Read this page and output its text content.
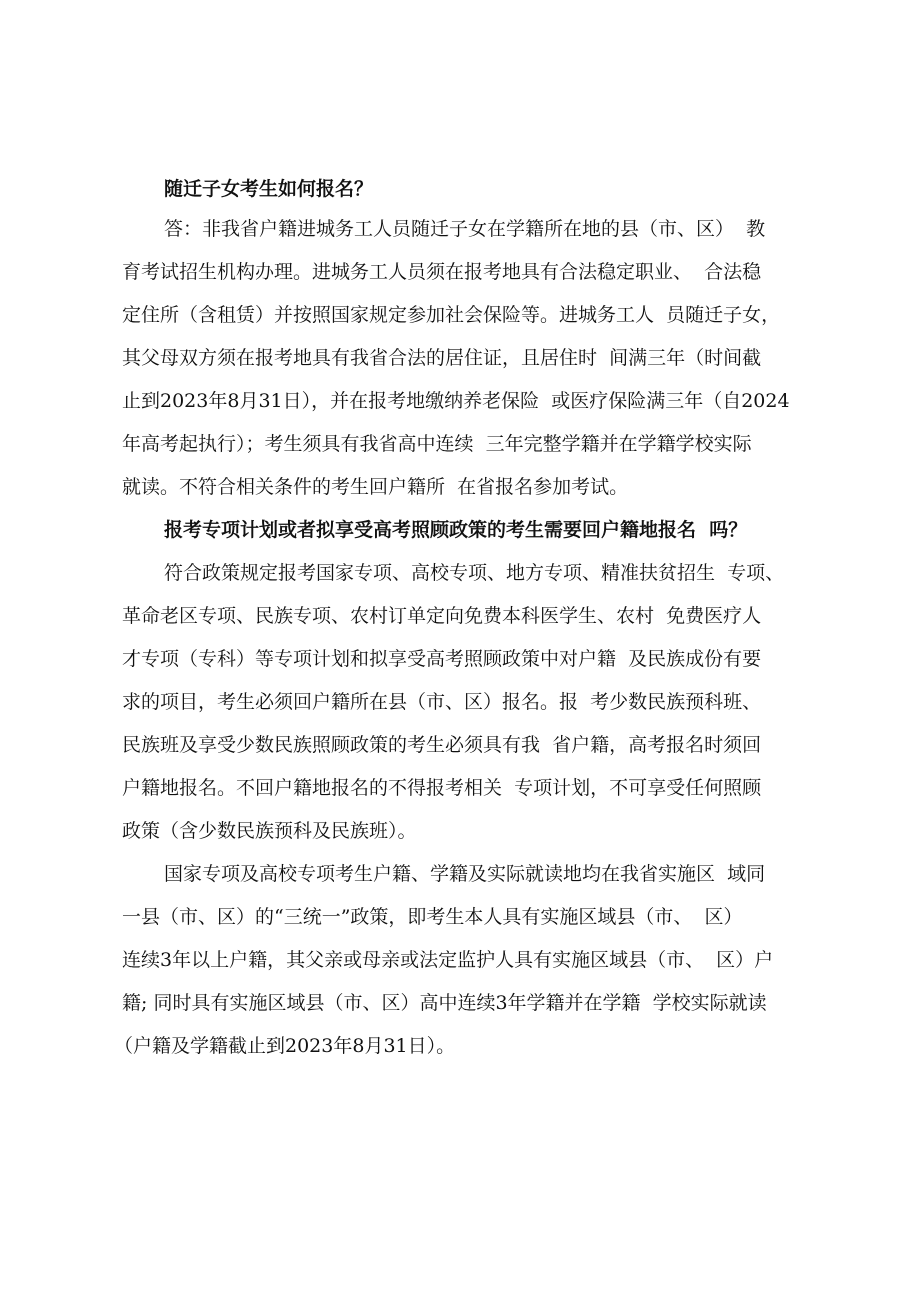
随迁子女考生如何报名？
答：非我省户籍进城务工人员随迁子女在学籍所在地的县（市、区）  教
育考试招生机构办理。进城务工人员须在报考地具有合法稳定职业、  合法稳
定住所（含租赁）并按照国家规定参加社会保险等。进城务工人  员随迁子女，
其父母双方须在报考地具有我省合法的居住证，且居住时  间满三年（时间截
止到2023年8月31日），并在报考地缴纳养老保险  或医疗保险满三年（自2024
年高考起执行）；考生须具有我省高中连续  三年完整学籍并在学籍学校实际
就读。不符合相关条件的考生回户籍所  在省报名参加考试。
报考专项计划或者拟享受高考照顾政策的考生需要回户籍地报名  吗？
符合政策规定报考国家专项、高校专项、地方专项、精准扶贫招生  专项、
革命老区专项、民族专项、农村订单定向免费本科医学生、农村  免费医疗人
才专项（专科）等专项计划和拟享受高考照顾政策中对户籍  及民族成份有要
求的项目，考生必须回户籍所在县（市、区）报名。报  考少数民族预科班、
民族班及享受少数民族照顾政策的考生必须具有我  省户籍，高考报名时须回
户籍地报名。不回户籍地报名的不得报考相关  专项计划，不可享受任何照顾
政策（含少数民族预科及民族班）。
国家专项及高校专项考生户籍、学籍及实际就读地均在我省实施区  域同
一县（市、区）的“三统一”政策，即考生本人具有实施区域县（市、  区）
连续3年以上户籍，其父亲或母亲或法定监护人具有实施区域县（市、  区）户
籍; 同时具有实施区域县（市、区）高中连续3年学籍并在学籍  学校实际就读
（户籍及学籍截止到2023年8月31日）。
